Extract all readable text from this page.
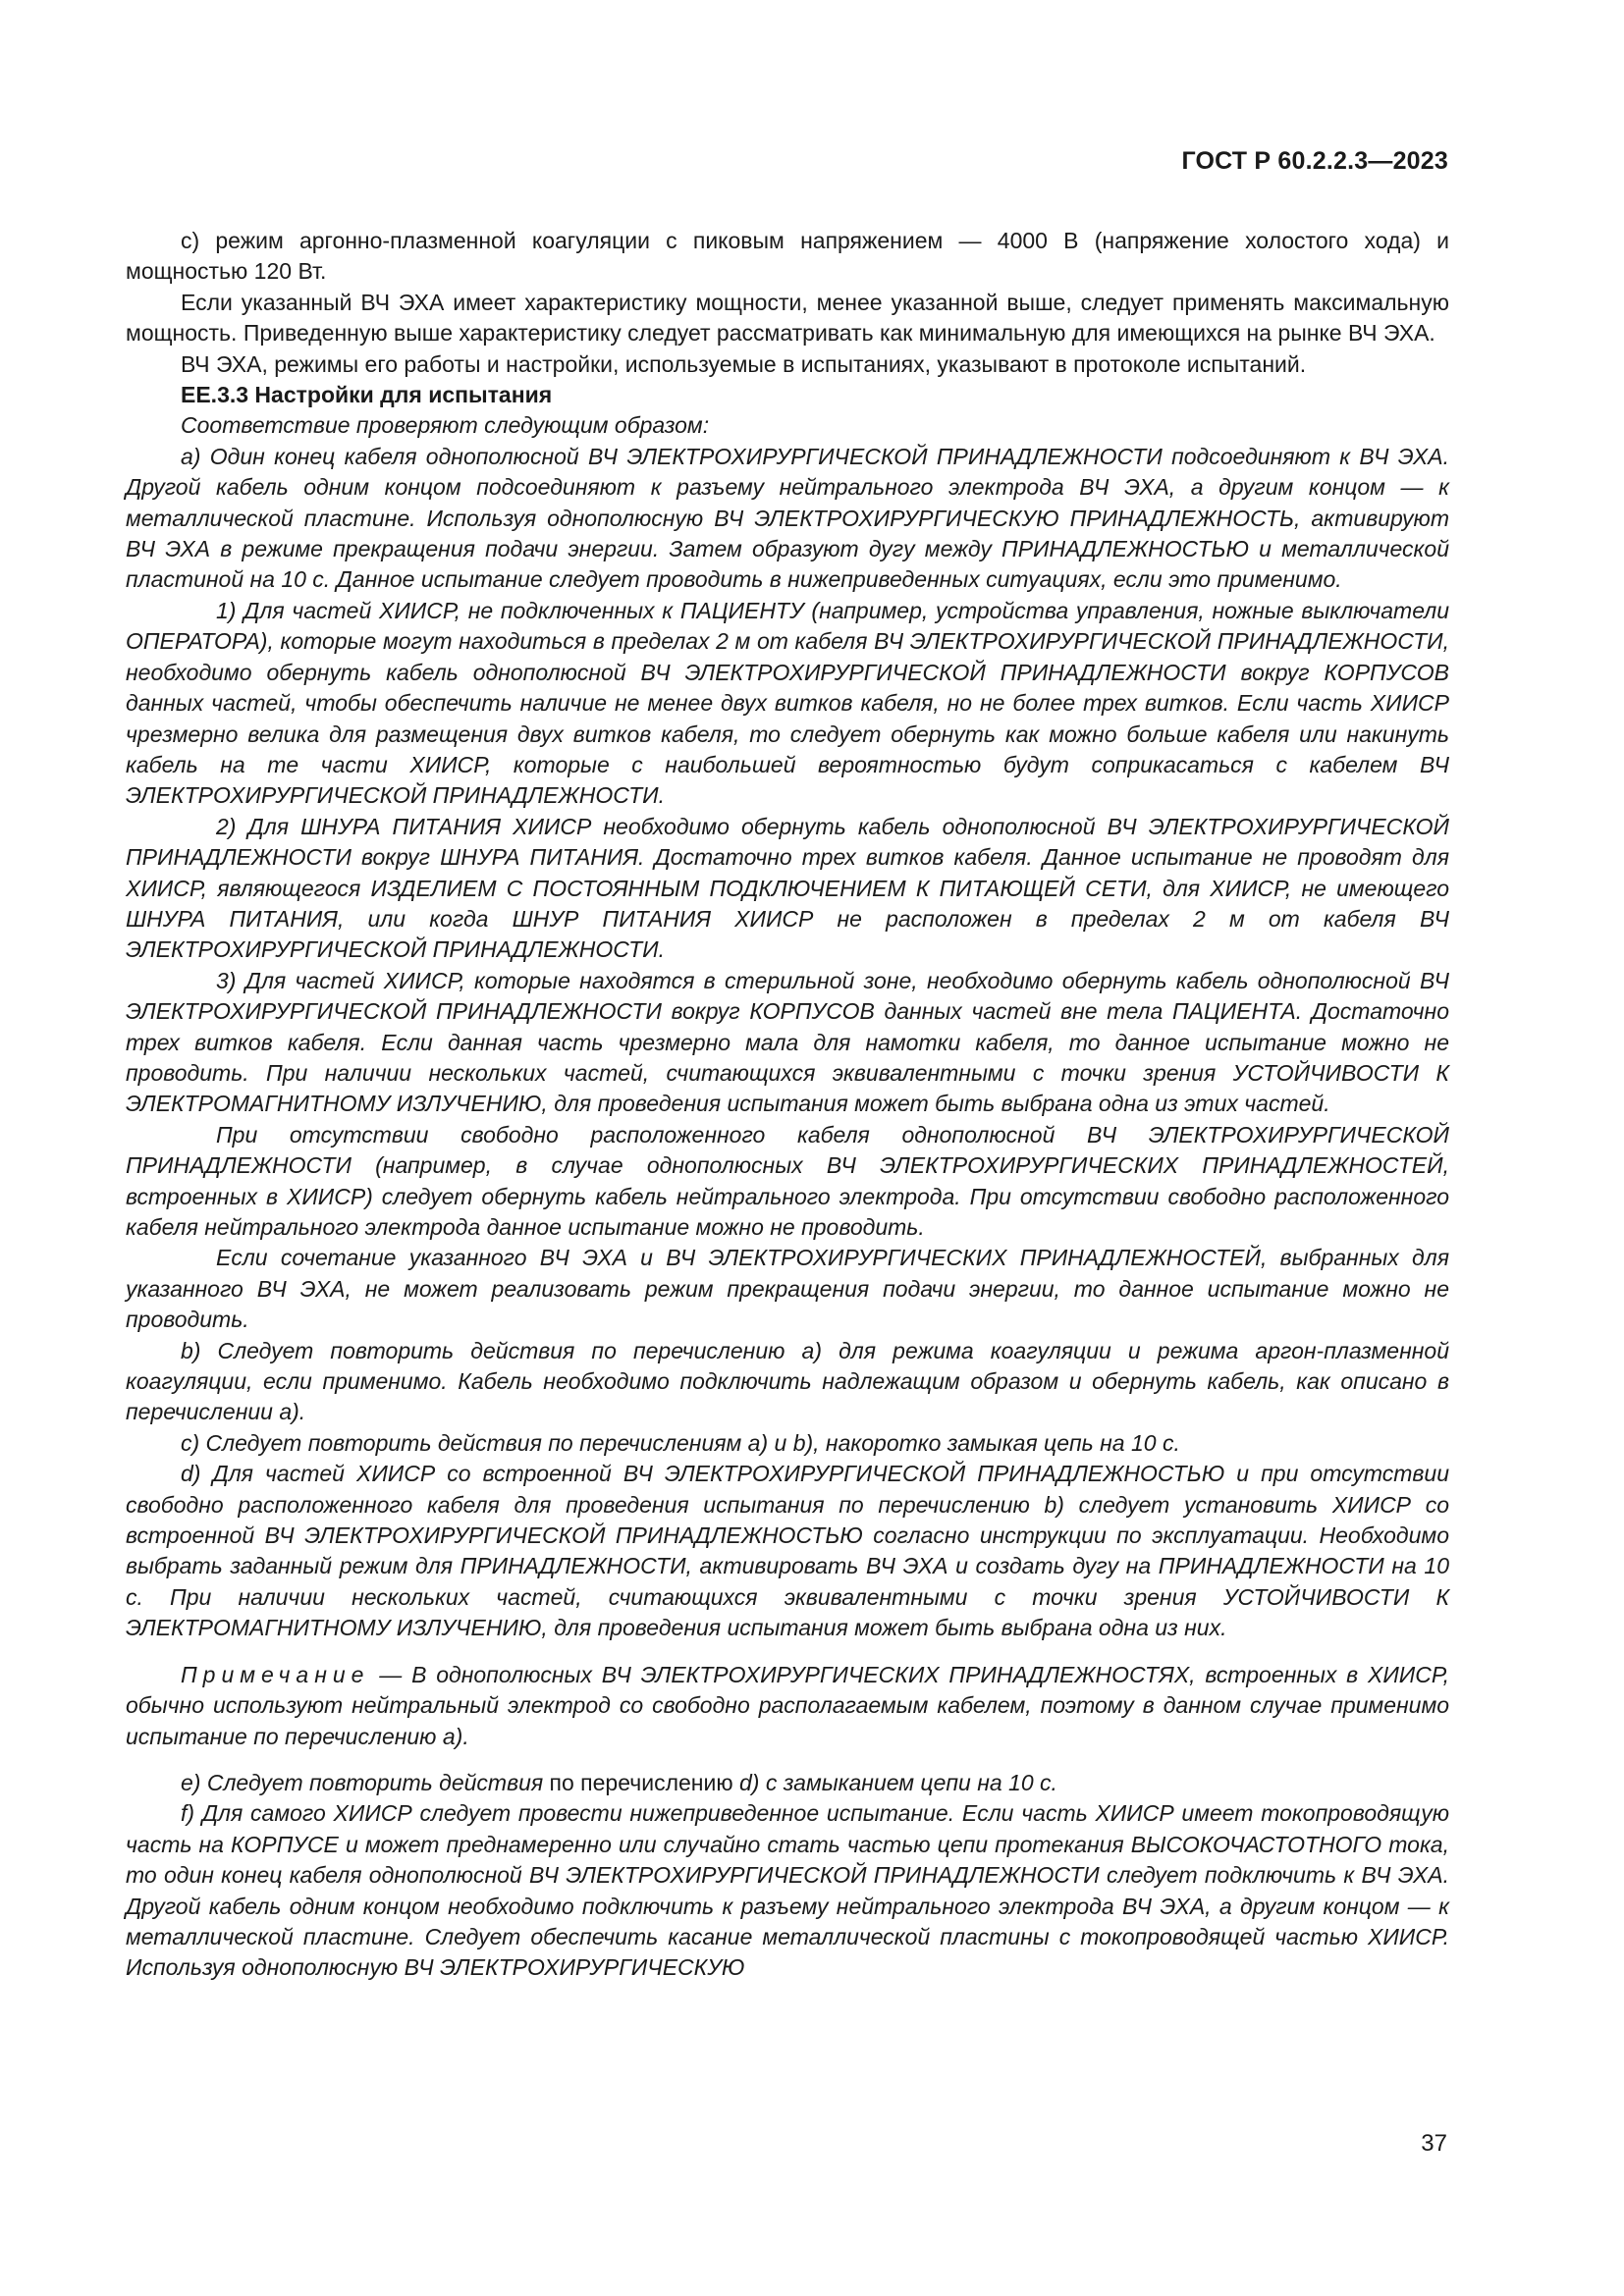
ГОСТ Р 60.2.2.3—2023

c) режим аргонно-плазменной коагуляции с пиковым напряжением — 4000 В (напряжение холостого хода) и мощностью 120 Вт.

Если указанный ВЧ ЭХА имеет характеристику мощности, менее указанной выше, следует применять максимальную мощность. Приведенную выше характеристику следует рассматривать как минимальную для имеющихся на рынке ВЧ ЭХА.

ВЧ ЭХА, режимы его работы и настройки, используемые в испытаниях, указывают в протоколе испытаний.

ЕЕ.3.3 Настройки для испытания

Соответствие проверяют следующим образом:

a) Один конец кабеля однополюсной ВЧ ЭЛЕКТРОХИРУРГИЧЕСКОЙ ПРИНАДЛЕЖНОСТИ подсоединяют к ВЧ ЭХА. Другой кабель одним концом подсоединяют к разъему нейтрального электрода ВЧ ЭХА, а другим концом — к металлической пластине. Используя однополюсную ВЧ ЭЛЕКТРОХИРУРГИЧЕСКУЮ ПРИНАДЛЕЖНОСТЬ, активируют ВЧ ЭХА в режиме прекращения подачи энергии. Затем образуют дугу между ПРИНАДЛЕЖНОСТЬЮ и металлической пластиной на 10 с. Данное испытание следует проводить в нижеприведенных ситуациях, если это применимо.

1) Для частей ХИИСР, не подключенных к ПАЦИЕНТУ (например, устройства управления, ножные выключатели ОПЕРАТОРА), которые могут находиться в пределах 2 м от кабеля ВЧ ЭЛЕКТРОХИРУРГИЧЕСКОЙ ПРИНАДЛЕЖНОСТИ, необходимо обернуть кабель однополюсной ВЧ ЭЛЕКТРОХИРУРГИЧЕСКОЙ ПРИНАДЛЕЖНОСТИ вокруг КОРПУСОВ данных частей, чтобы обеспечить наличие не менее двух витков кабеля, но не более трех витков. Если часть ХИИСР чрезмерно велика для размещения двух витков кабеля, то следует обернуть как можно больше кабеля или накинуть кабель на те части ХИИСР, которые с наибольшей вероятностью будут соприкасаться с кабелем ВЧ ЭЛЕКТРОХИРУРГИЧЕСКОЙ ПРИНАДЛЕЖНОСТИ.

2) Для ШНУРА ПИТАНИЯ ХИИСР необходимо обернуть кабель однополюсной ВЧ ЭЛЕКТРОХИРУРГИЧЕСКОЙ ПРИНАДЛЕЖНОСТИ вокруг ШНУРА ПИТАНИЯ. Достаточно трех витков кабеля. Данное испытание не проводят для ХИИСР, являющегося ИЗДЕЛИЕМ С ПОСТОЯННЫМ ПОДКЛЮЧЕНИЕМ К ПИТАЮЩЕЙ СЕТИ, для ХИИСР, не имеющего ШНУРА ПИТАНИЯ, или когда ШНУР ПИТАНИЯ ХИИСР не расположен в пределах 2 м от кабеля ВЧ ЭЛЕКТРОХИРУРГИЧЕСКОЙ ПРИНАДЛЕЖНОСТИ.

3) Для частей ХИИСР, которые находятся в стерильной зоне, необходимо обернуть кабель однополюсной ВЧ ЭЛЕКТРОХИРУРГИЧЕСКОЙ ПРИНАДЛЕЖНОСТИ вокруг КОРПУСОВ данных частей вне тела ПАЦИЕНТА. Достаточно трех витков кабеля. Если данная часть чрезмерно мала для намотки кабеля, то данное испытание можно не проводить. При наличии нескольких частей, считающихся эквивалентными с точки зрения УСТОЙЧИВОСТИ К ЭЛЕКТРОМАГНИТНОМУ ИЗЛУЧЕНИЮ, для проведения испытания может быть выбрана одна из этих частей.

При отсутствии свободно расположенного кабеля однополюсной ВЧ ЭЛЕКТРОХИРУРГИЧЕСКОЙ ПРИНАДЛЕЖНОСТИ (например, в случае однополюсных ВЧ ЭЛЕКТРОХИРУРГИЧЕСКИХ ПРИНАДЛЕЖНОСТЕЙ, встроенных в ХИИСР) следует обернуть кабель нейтрального электрода. При отсутствии свободно расположенного кабеля нейтрального электрода данное испытание можно не проводить.

Если сочетание указанного ВЧ ЭХА и ВЧ ЭЛЕКТРОХИРУРГИЧЕСКИХ ПРИНАДЛЕЖНОСТЕЙ, выбранных для указанного ВЧ ЭХА, не может реализовать режим прекращения подачи энергии, то данное испытание можно не проводить.

b) Следует повторить действия по перечислению a) для режима коагуляции и режима аргон-плазменной коагуляции, если применимо. Кабель необходимо подключить надлежащим образом и обернуть кабель, как описано в перечислении a).

c) Следует повторить действия по перечислениям a) и b), накоротко замыкая цепь на 10 с.

d) Для частей ХИИСР со встроенной ВЧ ЭЛЕКТРОХИРУРГИЧЕСКОЙ ПРИНАДЛЕЖНОСТЬЮ и при отсутствии свободно расположенного кабеля для проведения испытания по перечислению b) следует установить ХИИСР со встроенной ВЧ ЭЛЕКТРОХИРУРГИЧЕСКОЙ ПРИНАДЛЕЖНОСТЬЮ согласно инструкции по эксплуатации. Необходимо выбрать заданный режим для ПРИНАДЛЕЖНОСТИ, активировать ВЧ ЭХА и создать дугу на ПРИНАДЛЕЖНОСТИ на 10 с. При наличии нескольких частей, считающихся эквивалентными с точки зрения УСТОЙЧИВОСТИ К ЭЛЕКТРОМАГНИТНОМУ ИЗЛУЧЕНИЮ, для проведения испытания может быть выбрана одна из них.

Примечание — В однополюсных ВЧ ЭЛЕКТРОХИРУРГИЧЕСКИХ ПРИНАДЛЕЖНОСТЯХ, встроенных в ХИИСР, обычно используют нейтральный электрод со свободно располагаемым кабелем, поэтому в данном случае применимо испытание по перечислению a).

e) Следует повторить действия по перечислению d) с замыканием цепи на 10 с.

f) Для самого ХИИСР следует провести нижеприведенное испытание. Если часть ХИИСР имеет токопроводящую часть на КОРПУСЕ и может преднамеренно или случайно стать частью цепи протекания ВЫСОКОЧАСТОТНОГО тока, то один конец кабеля однополюсной ВЧ ЭЛЕКТРОХИРУРГИЧЕСКОЙ ПРИНАДЛЕЖНОСТИ следует подключить к ВЧ ЭХА. Другой кабель одним концом необходимо подключить к разъему нейтрального электрода ВЧ ЭХА, а другим концом — к металлической пластине. Следует обеспечить касание металлической пластины с токопроводящей частью ХИИСР. Используя однополюсную ВЧ ЭЛЕКТРОХИРУРГИЧЕСКУЮ

37
